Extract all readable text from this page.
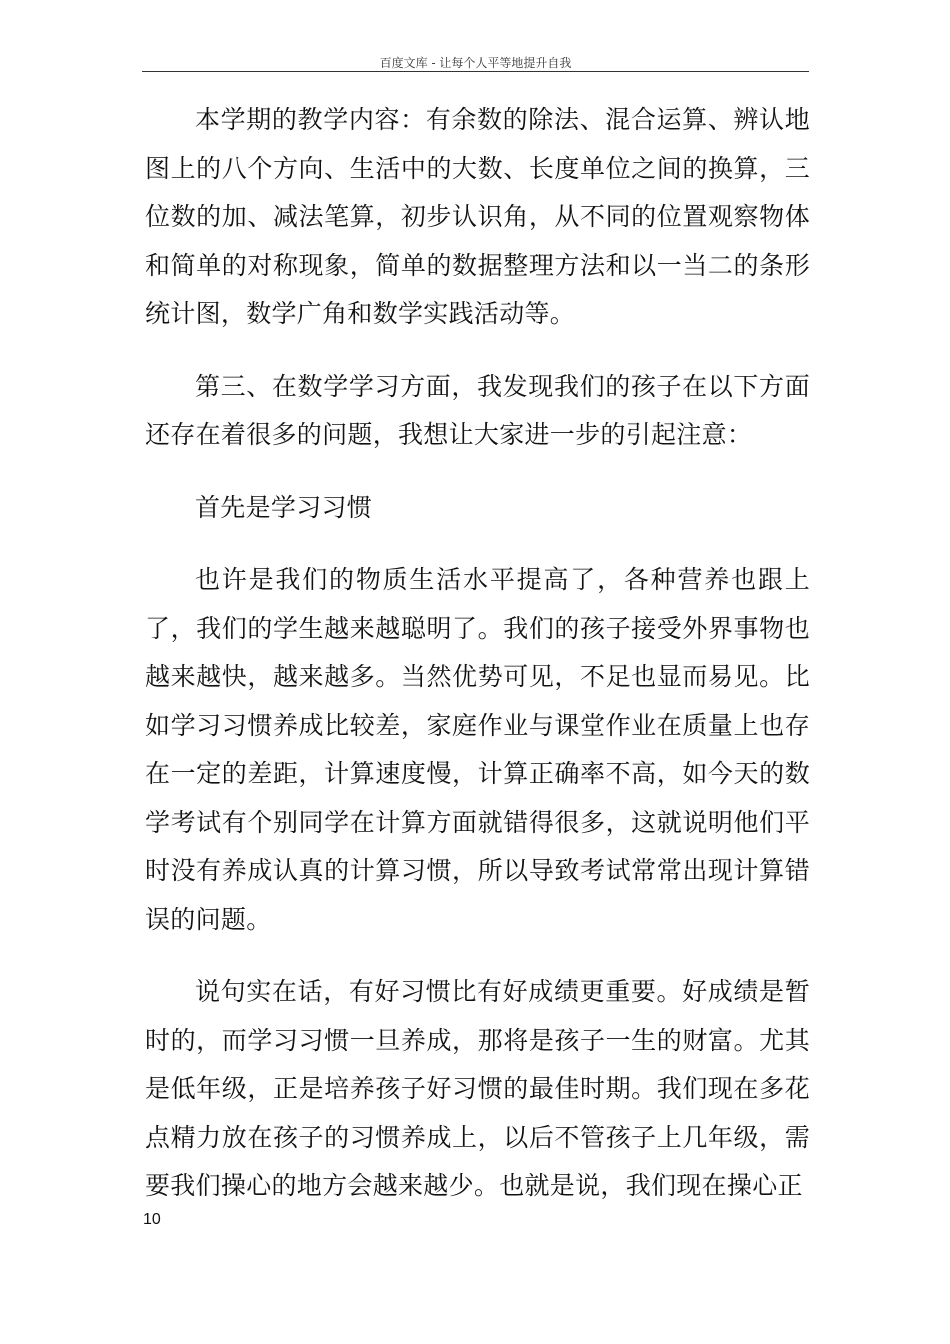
百度文库 - 让每个人平等地提升自我

本学期的教学内容：有余数的除法、混合运算、辨认地图上的八个方向、生活中的大数、长度单位之间的换算，三位数的加、减法笔算，初步认识角，从不同的位置观察物体和简单的对称现象，简单的数据整理方法和以一当二的条形统计图，数学广角和数学实践活动等。

第三、在数学学习方面，我发现我们的孩子在以下方面还存在着很多的问题，我想让大家进一步的引起注意：

首先是学习习惯

也许是我们的物质生活水平提高了，各种营养也跟上了，我们的学生越来越聪明了。我们的孩子接受外界事物也越来越快，越来越多。当然优势可见，不足也显而易见。比如学习习惯养成比较差，家庭作业与课堂作业在质量上也存在一定的差距，计算速度慢，计算正确率不高，如今天的数学考试有个别同学在计算方面就错得很多，这就说明他们平时没有养成认真的计算习惯，所以导致考试常常出现计算错误的问题。

说句实在话，有好习惯比有好成绩更重要。好成绩是暂时的，而学习习惯一旦养成，那将是孩子一生的财富。尤其是低年级，正是培养孩子好习惯的最佳时期。我们现在多花点精力放在孩子的习惯养成上，以后不管孩子上几年级，需要我们操心的地方会越来越少。也就是说，我们现在操心正

10
